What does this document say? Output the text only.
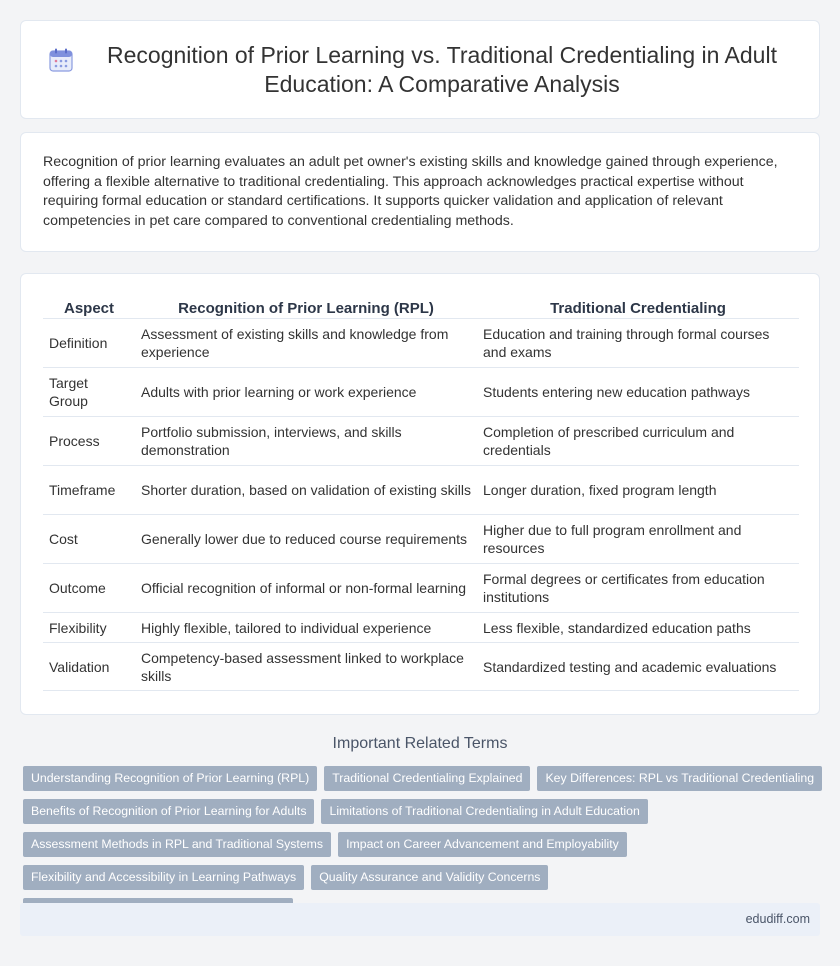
Recognition of Prior Learning vs. Traditional Credentialing in Adult Education: A Comparative Analysis

Recognition of prior learning evaluates an adult pet owner's existing skills and knowledge gained through experience, offering a flexible alternative to traditional credentialing. This approach acknowledges practical expertise without requiring formal education or standard certifications. It supports quicker validation and application of relevant competencies in pet care compared to conventional credentialing methods.

Aspect	Recognition of Prior Learning (RPL)	Traditional Credentialing
Definition	Assessment of existing skills and knowledge from experience	Education and training through formal courses and exams
Target Group	Adults with prior learning or work experience	Students entering new education pathways
Process	Portfolio submission, interviews, and skills demonstration	Completion of prescribed curriculum and credentials
Timeframe	Shorter duration, based on validation of existing skills	Longer duration, fixed program length
Cost	Generally lower due to reduced course requirements	Higher due to full program enrollment and resources
Outcome	Official recognition of informal or non-formal learning	Formal degrees or certificates from education institutions
Flexibility	Highly flexible, tailored to individual experience	Less flexible, standardized education paths
Validation	Competency-based assessment linked to workplace skills	Standardized testing and academic evaluations
Important Related Terms
Understanding Recognition of Prior Learning (RPL)	Traditional Credentialing Explained	Key Differences: RPL vs Traditional Credentialing
Benefits of Recognition of Prior Learning for Adults	Limitations of Traditional Credentialing in Adult Education
Assessment Methods in RPL and Traditional Systems	Impact on Career Advancement and Employability
Flexibility and Accessibility in Learning Pathways	Quality Assurance and Validity Concerns
edudiff.com
